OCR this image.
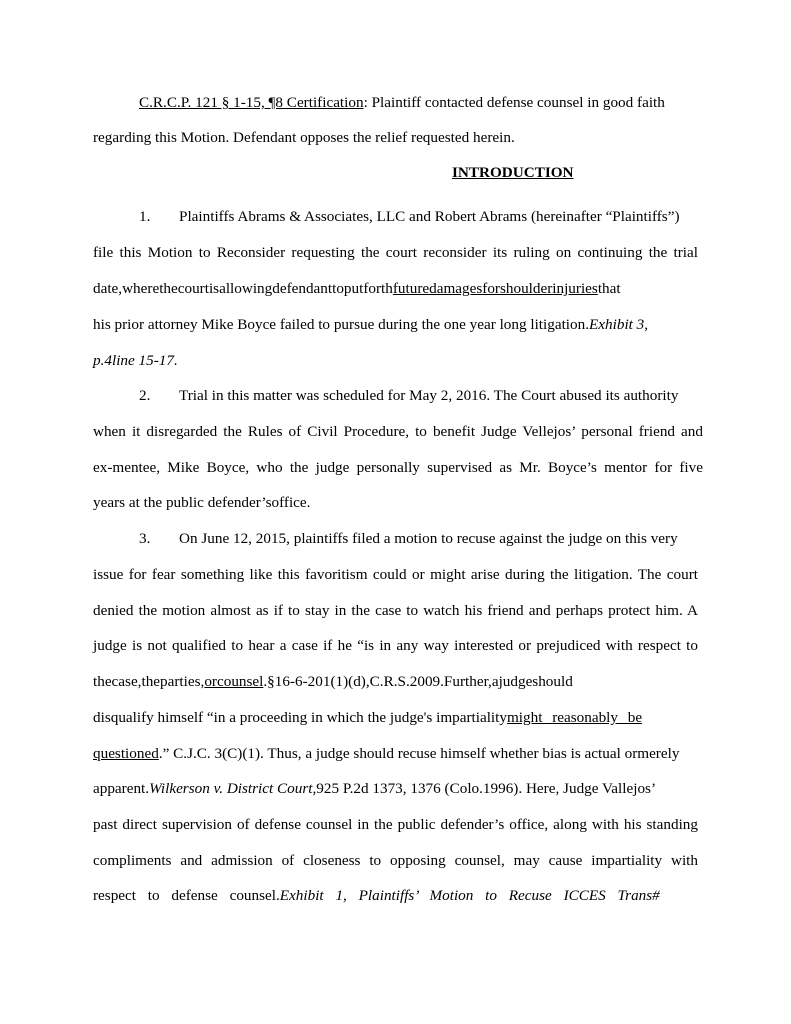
C.R.C.P. 121 § 1-15, ¶8 Certification: Plaintiff contacted defense counsel in good faith
regarding this Motion. Defendant opposes the relief requested herein.
INTRODUCTION
1. Plaintiffs Abrams & Associates, LLC and Robert Abrams (hereinafter “Plaintiffs”)
file this Motion to Reconsider requesting the court reconsider its ruling on continuing the trial
date,wherethecourtisallowingdefendanttoputforthfuturedamagesforshoulderinjuriesthat
his prior attorney Mike Boyce failed to pursue during the one year long litigation.Exhibit 3,
p.4line 15-17.
2. Trial in this matter was scheduled for May 2, 2016. The Court abused its authority
when it disregarded the Rules of Civil Procedure, to benefit Judge Vellejos’ personal friend and
ex-mentee, Mike Boyce, who the judge personally supervised as Mr. Boyce’s mentor for five
years at the public defender’soffice.
3. On June 12, 2015, plaintiffs filed a motion to recuse against the judge on this very
issue for fear something like this favoritism could or might arise during the litigation. The court
denied the motion almost as if to stay in the case to watch his friend and perhaps protect him. A
judge is not qualified to hear a case if he “is in any way interested or prejudiced with respect to
thecase,theparties,orcounsel.§16-6-201(1)(d),C.R.S.2009.Further,ajudgeshould
disqualify himself “in a proceeding in which the judge's impartialitymight reasonably be
questioned.” C.J.C. 3(C)(1). Thus, a judge should recuse himself whether bias is actual ormerely
apparent.Wilkerson v. District Court,925 P.2d 1373, 1376 (Colo.1996). Here, Judge Vallejos’
past direct supervision of defense counsel in the public defender’s office, along with his standing
compliments and admission of closeness to opposing counsel, may cause impartiality with
respect to defense counsel.Exhibit 1, Plaintiffs’ Motion to Recuse ICCES Trans#
